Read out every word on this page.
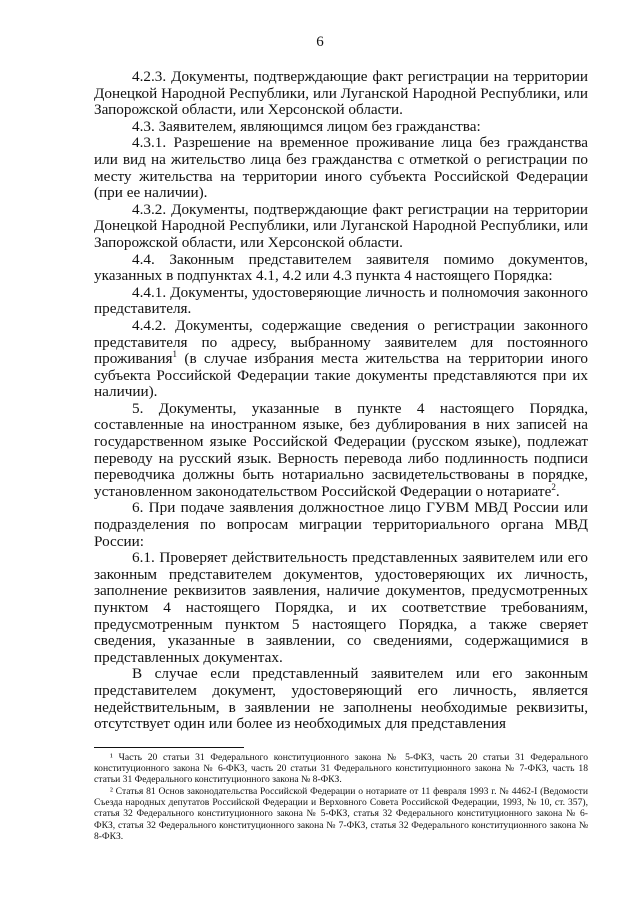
6

4.2.3. Документы, подтверждающие факт регистрации на территории Донецкой Народной Республики, или Луганской Народной Республики, или Запорожской области, или Херсонской области.

4.3. Заявителем, являющимся лицом без гражданства:

4.3.1. Разрешение на временное проживание лица без гражданства или вид на жительство лица без гражданства с отметкой о регистрации по месту жительства на территории иного субъекта Российской Федерации (при ее наличии).

4.3.2. Документы, подтверждающие факт регистрации на территории Донецкой Народной Республики, или Луганской Народной Республики, или Запорожской области, или Херсонской области.

4.4. Законным представителем заявителя помимо документов, указанных в подпунктах 4.1, 4.2 или 4.3 пункта 4 настоящего Порядка:

4.4.1. Документы, удостоверяющие личность и полномочия законного представителя.

4.4.2. Документы, содержащие сведения о регистрации законного представителя по адресу, выбранному заявителем для постоянного проживания$^1$ (в случае избрания места жительства на территории иного субъекта Российской Федерации такие документы представляются при их наличии).

5. Документы, указанные в пункте 4 настоящего Порядка, составленные на иностранном языке, без дублирования в них записей на государственном языке Российской Федерации (русском языке), подлежат переводу на русский язык. Верность перевода либо подлинность подписи переводчика должны быть нотариально засвидетельствованы в порядке, установленном законодательством Российской Федерации о нотариате$^2$.

6. При подаче заявления должностное лицо ГУВМ МВД России или подразделения по вопросам миграции территориального органа МВД России:

6.1. Проверяет действительность представленных заявителем или его законным представителем документов, удостоверяющих их личность, заполнение реквизитов заявления, наличие документов, предусмотренных пунктом 4 настоящего Порядка, и их соответствие требованиям, предусмотренным пунктом 5 настоящего Порядка, а также сверяет сведения, указанные в заявлении, со сведениями, содержащимися в представленных документах.

В случае если представленный заявителем или его законным представителем документ, удостоверяющий его личность, является недействительным, в заявлении не заполнены необходимые реквизиты, отсутствует один или более из необходимых для представления

¹ Часть 20 статьи 31 Федерального конституционного закона № 5-ФКЗ, часть 20 статьи 31 Федерального конституционного закона № 6-ФКЗ, часть 20 статьи 31 Федерального конституционного закона № 7-ФКЗ, часть 18 статьи 31 Федерального конституционного закона № 8-ФКЗ.

² Статья 81 Основ законодательства Российской Федерации о нотариате от 11 февраля 1993 г. № 4462-I (Ведомости Съезда народных депутатов Российской Федерации и Верховного Совета Российской Федерации, 1993, № 10, ст. 357), статья 32 Федерального конституционного закона № 5-ФКЗ, статья 32 Федерального конституционного закона № 6-ФКЗ, статья 32 Федерального конституционного закона № 7-ФКЗ, статья 32 Федерального конституционного закона № 8-ФКЗ.
